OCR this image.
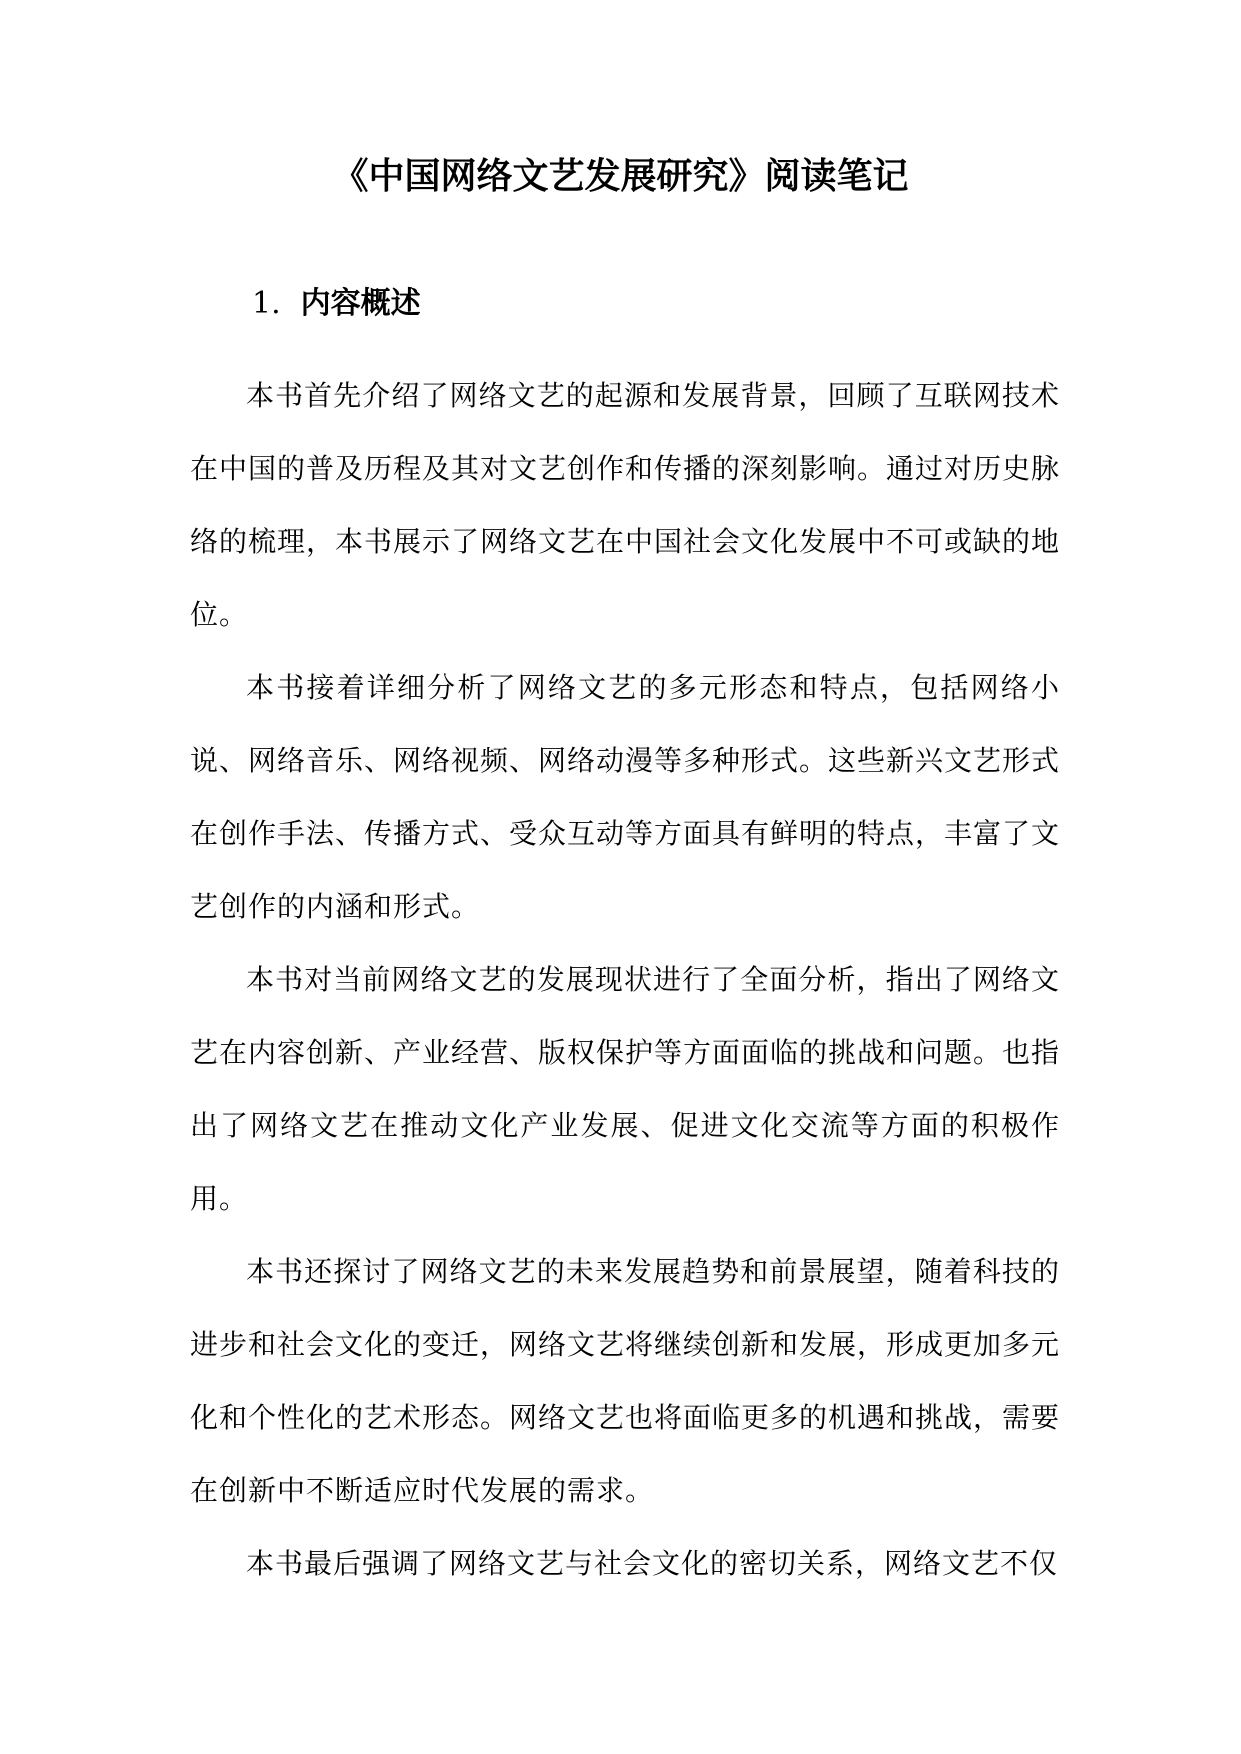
《中国网络文艺发展研究》阅读笔记
1. 内容概述

本书首先介绍了网络文艺的起源和发展背景，回顾了互联网技术在中国的普及历程及其对文艺创作和传播的深刻影响。通过对历史脉络的梳理，本书展示了网络文艺在中国社会文化发展中不可或缺的地位。

本书接着详细分析了网络文艺的多元形态和特点，包括网络小说、网络音乐、网络视频、网络动漫等多种形式。这些新兴文艺形式在创作手法、传播方式、受众互动等方面具有鲜明的特点，丰富了文艺创作的内涵和形式。

本书对当前网络文艺的发展现状进行了全面分析，指出了网络文艺在内容创新、产业经营、版权保护等方面面临的挑战和问题。也指出了网络文艺在推动文化产业发展、促进文化交流等方面的积极作用。

本书还探讨了网络文艺的未来发展趋势和前景展望，随着科技的进步和社会文化的变迁，网络文艺将继续创新和发展，形成更加多元化和个性化的艺术形态。网络文艺也将面临更多的机遇和挑战，需要在创新中不断适应时代发展的需求。

本书最后强调了网络文艺与社会文化的密切关系，网络文艺不仅
